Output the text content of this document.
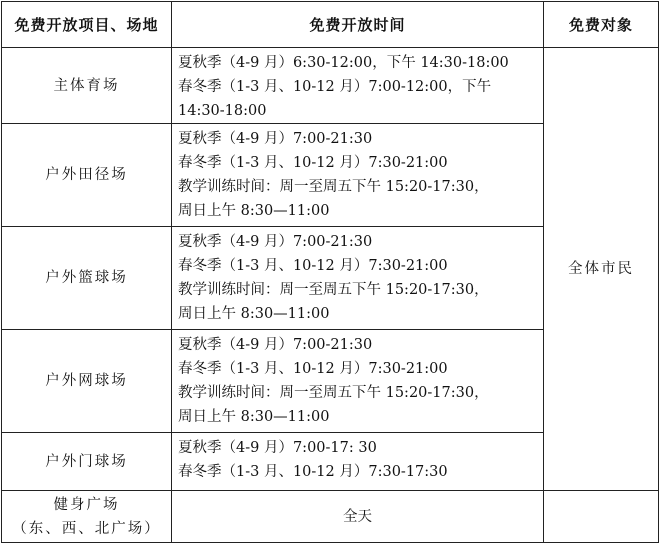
免费开放项目、场地	免费开放时间	免费对象

主体育场	夏秋季（4-9 月）6:30-12:00，下午 14:30-18:00
春冬季（1-3 月、10-12 月）7:00-12:00，下午
14:30-18:00	全体市民

户外田径场	夏秋季（4-9 月）7:00-21:30
春冬季（1-3 月、10-12 月）7:30-21:00
教学训练时间：周一至周五下午 15:20-17:30，
周日上午 8:30—11:00	

户外篮球场	夏秋季（4-9 月）7:00-21:30
春冬季（1-3 月、10-12 月）7:30-21:00
教学训练时间：周一至周五下午 15:20-17:30，
周日上午 8:30—11:00	

户外网球场	夏秋季（4-9 月）7:00-21:30
春冬季（1-3 月、10-12 月）7:30-21:00
教学训练时间：周一至周五下午 15:20-17:30，
周日上午 8:30—11:00	

户外门球场	夏秋季（4-9 月）7:00-17: 30
春冬季（1-3 月、10-12 月）7:30-17:30	

健身广场
（东、西、北广场）	全天	
